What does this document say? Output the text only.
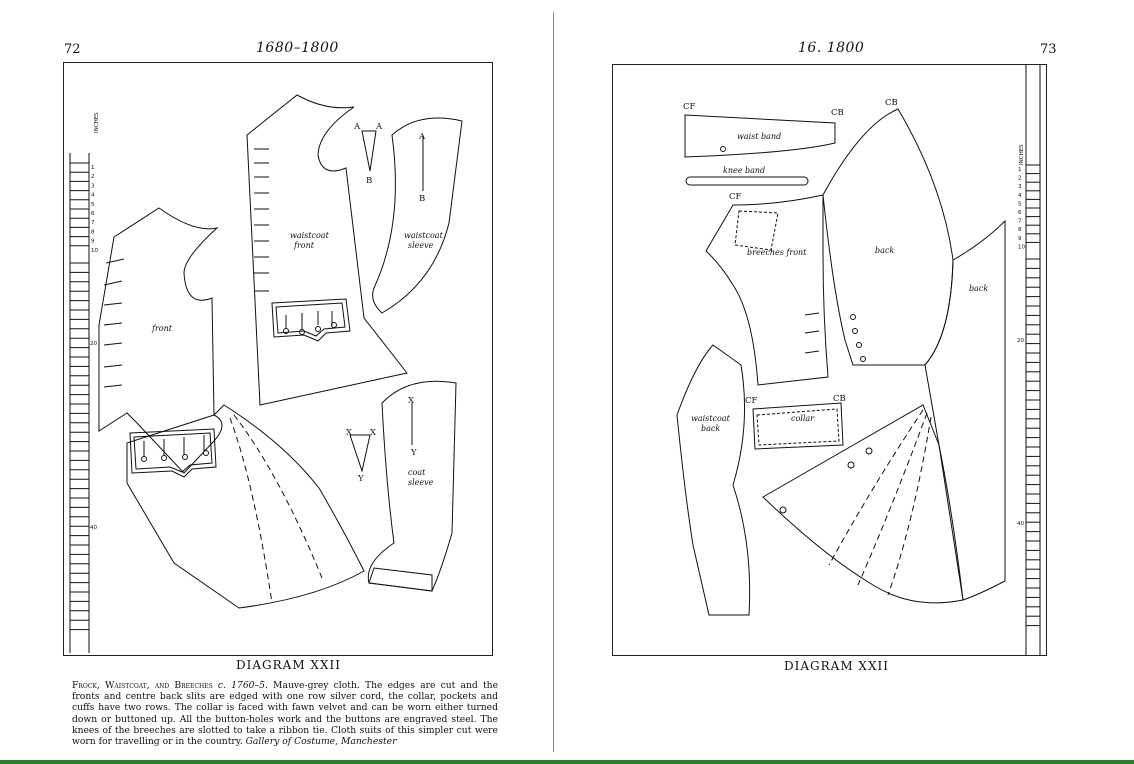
72	1680–1800
waistcoat
front
waistcoat
sleeve
front
coat
sleeve
A A
B
A
B
X X
Y
X
Y
INCHES
20
40
1
2
3
4
5
6
7
8
9
10
DIAGRAM XXII
Frock, Waistcoat, and Breeches c. 1760–5. Mauve-grey cloth. The edges are cut and the fronts and centre back slits are edged with one row silver cord, the collar, pockets and cuffs have two rows. The collar is faced with fawn velvet and can be worn either turned down or buttoned up. All the button-holes work and the buttons are engraved steel. The knees of the breeches are slotted to take a ribbon tie. Cloth suits of this simpler cut were worn for travelling or in the country. Gallery of Costume, Manchester
16. 1800	73
CF
CB
CB
CF
CF	CB
waist band
knee band
breeches front	back
back
waistcoat
back
collar
INCHES
20
40
1
2
3
4
5
6
7
8
9
10
DIAGRAM XXII
